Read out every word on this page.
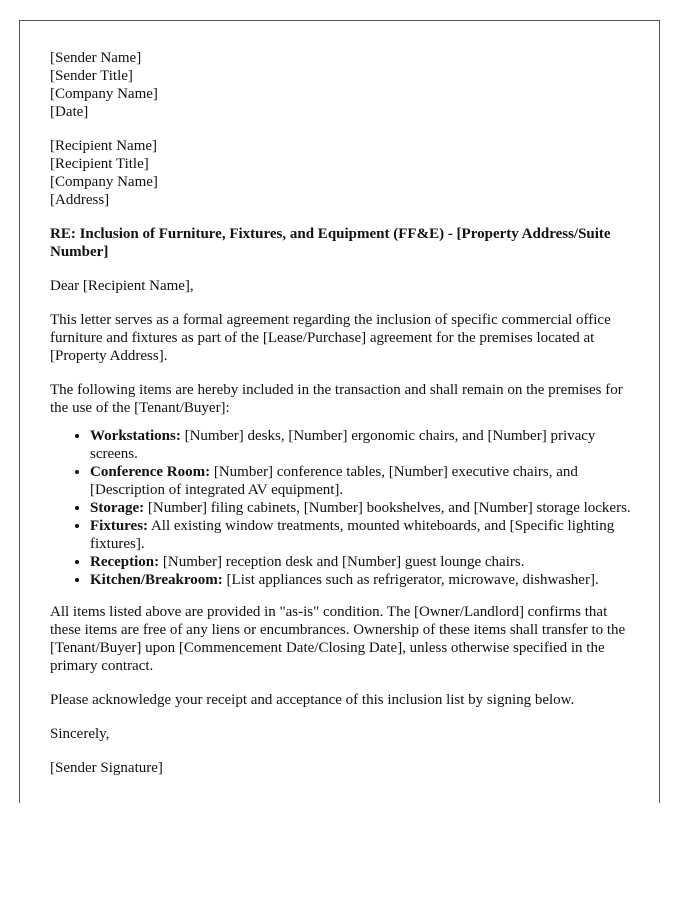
[Sender Name]
[Sender Title]
[Company Name]
[Date]
[Recipient Name]
[Recipient Title]
[Company Name]
[Address]
RE: Inclusion of Furniture, Fixtures, and Equipment (FF&E) - [Property Address/Suite Number]

Dear [Recipient Name],

This letter serves as a formal agreement regarding the inclusion of specific commercial office furniture and fixtures as part of the [Lease/Purchase] agreement for the premises located at [Property Address].

The following items are hereby included in the transaction and shall remain on the premises for the use of the [Tenant/Buyer]:

• Workstations: [Number] desks, [Number] ergonomic chairs, and [Number] privacy screens.
• Conference Room: [Number] conference tables, [Number] executive chairs, and [Description of integrated AV equipment].
• Storage: [Number] filing cabinets, [Number] bookshelves, and [Number] storage lockers.
• Fixtures: All existing window treatments, mounted whiteboards, and [Specific lighting fixtures].
• Reception: [Number] reception desk and [Number] guest lounge chairs.
• Kitchen/Breakroom: [List appliances such as refrigerator, microwave, dishwasher].

All items listed above are provided in "as-is" condition. The [Owner/Landlord] confirms that these items are free of any liens or encumbrances. Ownership of these items shall transfer to the [Tenant/Buyer] upon [Commencement Date/Closing Date], unless otherwise specified in the primary contract.

Please acknowledge your receipt and acceptance of this inclusion list by signing below.

Sincerely,

[Sender Signature]
